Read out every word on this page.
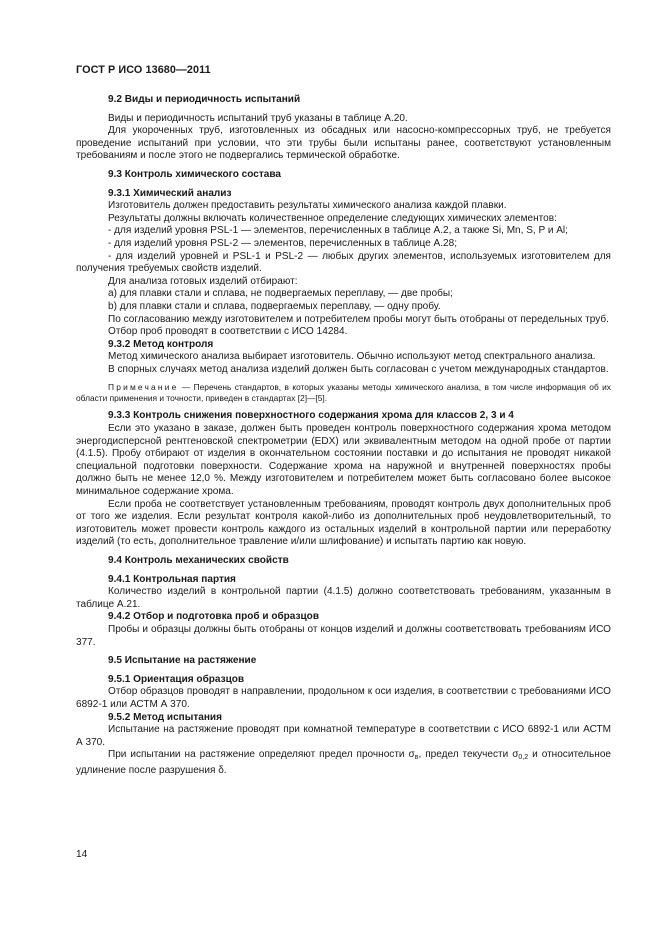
ГОСТ Р ИСО 13680—2011
9.2 Виды и периодичность испытаний

Виды и периодичность испытаний труб указаны в таблице А.20.

Для укороченных труб, изготовленных из обсадных или насосно-компрессорных труб, не требуется проведение испытаний при условии, что эти трубы были испытаны ранее, соответствуют установленным требованиям и после этого не подвергались термической обработке.

9.3 Контроль химического состава
9.3.1 Химический анализ

Изготовитель должен предоставить результаты химического анализа каждой плавки.

Результаты должны включать количественное определение следующих химических элементов:

- для изделий уровня PSL-1 — элементов, перечисленных в таблице А.2, а также Si, Mn, S, P и Al;

- для изделий уровня PSL-2 — элементов, перечисленных в таблице А.28;

- для изделий уровней и PSL-1 и PSL-2 — любых других элементов, используемых изготовителем для получения требуемых свойств изделий.

Для анализа готовых изделий отбирают:

a) для плавки стали и сплава, не подвергаемых переплаву, — две пробы;

b) для плавки стали и сплава, подвергаемых переплаву, — одну пробу.

По согласованию между изготовителем и потребителем пробы могут быть отобраны от передельных труб.

Отбор проб проводят в соответствии с ИСО 14284.

9.3.2 Метод контроля

Метод химического анализа выбирает изготовитель. Обычно используют метод спектрального анализа.

В спорных случаях метод анализа изделий должен быть согласован с учетом международных стандартов.

Примечание — Перечень стандартов, в которых указаны методы химического анализа, в том числе информация об их области применения и точности, приведен в стандартах [2]—[5].

9.3.3 Контроль снижения поверхностного содержания хрома для классов 2, 3 и 4

Если это указано в заказе, должен быть проведен контроль поверхностного содержания хрома методом энергодисперсной рентгеновской спектрометрии (EDX) или эквивалентным методом на одной пробе от партии (4.1.5). Пробу отбирают от изделия в окончательном состоянии поставки и до испытания не проводят никакой специальной подготовки поверхности. Содержание хрома на наружной и внутренней поверхностях пробы должно быть не менее 12,0 %. Между изготовителем и потребителем может быть согласовано более высокое минимальное содержание хрома.

Если проба не соответствует установленным требованиям, проводят контроль двух дополнительных проб от того же изделия. Если результат контроля какой-либо из дополнительных проб неудовлетворительный, то изготовитель может провести контроль каждого из остальных изделий в контрольной партии или переработку изделий (то есть, дополнительное травление и/или шлифование) и испытать партию как новую.

9.4 Контроль механических свойств
9.4.1 Контрольная партия

Количество изделий в контрольной партии (4.1.5) должно соответствовать требованиям, указанным в таблице А.21.

9.4.2 Отбор и подготовка проб и образцов

Пробы и образцы должны быть отобраны от концов изделий и должны соответствовать требованиям ИСО 377.

9.5 Испытание на растяжение
9.5.1 Ориентация образцов

Отбор образцов проводят в направлении, продольном к оси изделия, в соответствии с требованиями ИСО 6892-1 или АСТМ А 370.

9.5.2 Метод испытания

Испытание на растяжение проводят при комнатной температуре в соответствии с ИСО 6892-1 или АСТМ А 370.

При испытании на растяжение определяют предел прочности $\sigma_в$, предел текучести $\sigma_{0,2}$ и относительное удлинение после разрушения δ.

14
